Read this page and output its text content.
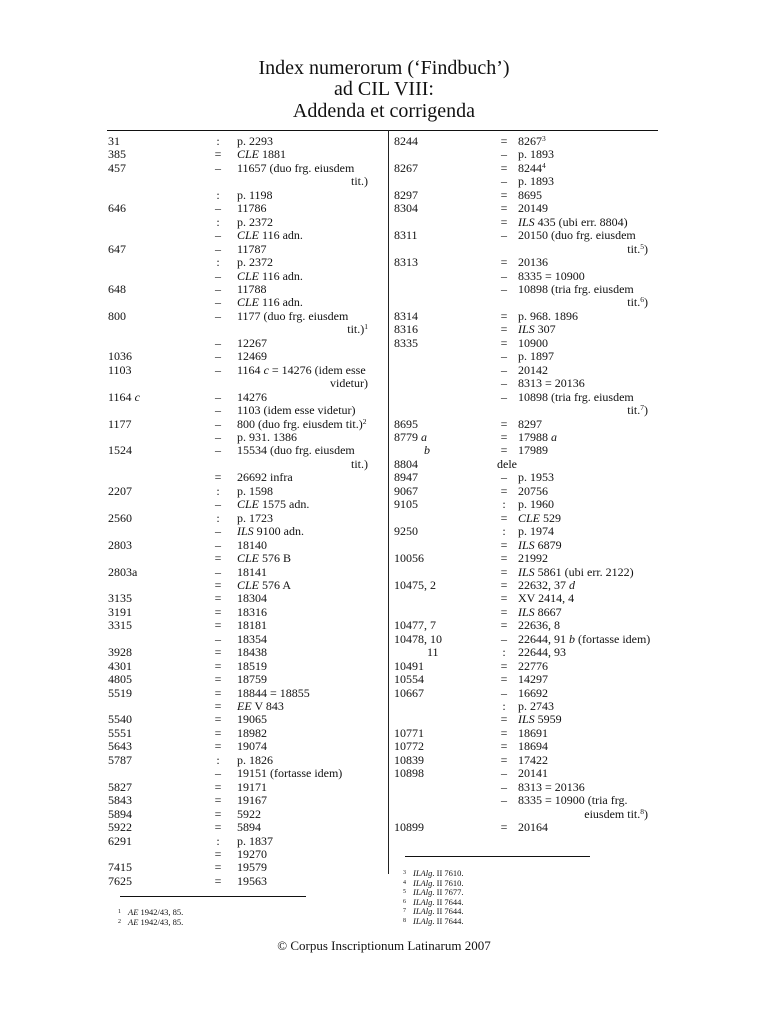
Index numerorum (‘Findbuch’)
ad CIL VIII:
Addenda et corrigenda
31	:	p. 2293
385	=	CLE 1881
457	–	11657 (duo frg. eiusdem
tit.)
:	p. 1198
646	–	11786
:	p. 2372
–	CLE 116 adn.
647	–	11787
:	p. 2372
–	CLE 116 adn.
648	–	11788
–	CLE 116 adn.
800	–	1177 (duo frg. eiusdem
tit.)$^1$
–	12267
1036	–	12469
1103	–	1164 c = 14276 (idem esse
videtur)
1164 c	–	14276
–	1103 (idem esse videtur)
1177	–	800 (duo frg. eiusdem tit.)$^2$
–	p. 931. 1386
1524	–	15534 (duo frg. eiusdem
tit.)
=	26692 infra
2207	:	p. 1598
–	CLE 1575 adn.
2560	:	p. 1723
–	ILS 9100 adn.
2803	–	18140
=	CLE 576 B
2803a	–	18141
=	CLE 576 A
3135	=	18304
3191	=	18316
3315	=	18181
–	18354
3928	=	18438
4301	=	18519
4805	=	18759
5519	=	18844 = 18855
=	EE V 843
5540	=	19065
5551	=	18982
5643	=	19074
5787	:	p. 1826
–	19151 (fortasse idem)
5827	=	19171
5843	=	19167
5894	=	5922
5922	=	5894
6291	:	p. 1837
=	19270
7415	=	19579
7625	=	19563
8244	= $8267^3$
– p. 1893
8267	= $8244^4$
– p. 1893
8297	= 8695
8304	= 20149
= ILS 435 (ubi err. 8804)
8311	– 20150 (duo frg. eiusdem
tit.$^5$)
8313	= 20136
– 8335 = 10900
– 10898 (tria frg. eiusdem
tit.$^6$)
8314	= p. 968. 1896
8316	= ILS 307
8335	= 10900
– p. 1897
– 20142
– 8313 = 20136
– 10898 (tria frg. eiusdem
tit.$^7$)
8695	= 8297
8779 a	= 17988 a
b	= 17989
8804	dele

8947	– p. 1953
9067	= 20756
9105	:	p. 1960
= CLE 529
9250	:	p. 1974
= ILS 6879
10056	= 21992
= ILS 5861 (ubi err. 2122)
10475, 2	= 22632, 37 d
= XV 2414, 4
= ILS 8667
10477, 7	= 22636, 8
10478, 10	– 22644, 91 b (fortasse idem)
11	:	22644, 93
10491	= 22776
10554	= 14297
10667	– 16692
:	p. 2743
= ILS 5959
10771	= 18691
10772	= 18694
10839	= 17422
10898	– 20141
– 8313 = 20136
– 8335 = 10900 (tria frg.
eiusdem tit.$^8$)
10899	= 20164
1 AE 1942/43, 85.
2 AE 1942/43, 85.
3 ILAlg. II 7610.
4 ILAlg. II 7610.
5 ILAlg. II 7677.
6 ILAlg. II 7644.
7 ILAlg. II 7644.
8 ILAlg. II 7644.
© Corpus Inscriptionum Latinarum 2007
